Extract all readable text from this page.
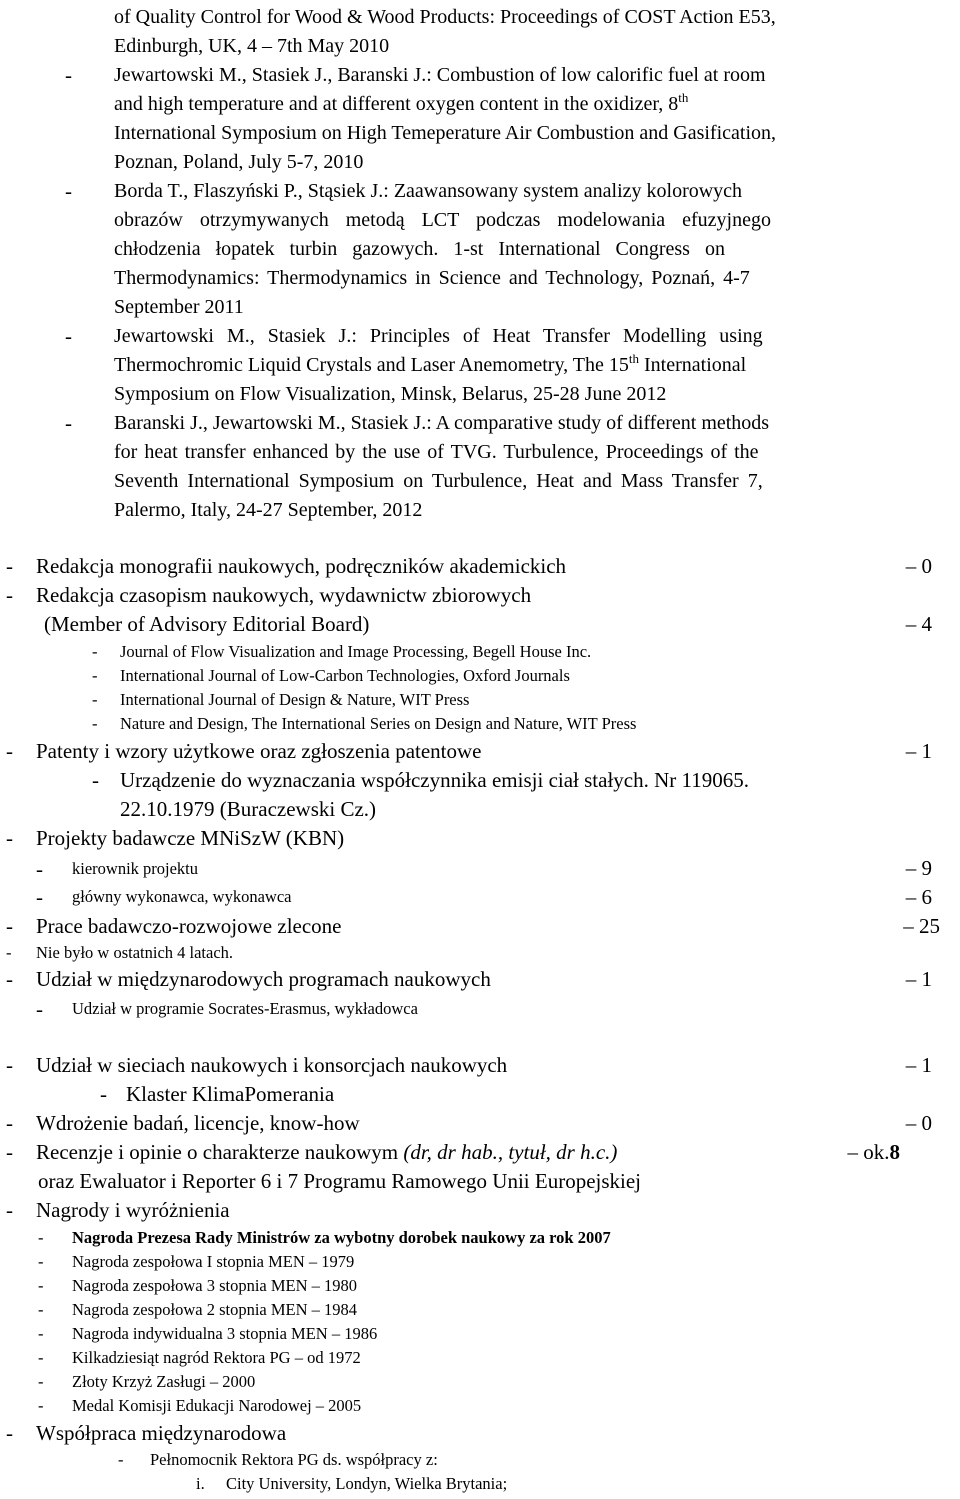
of Quality Control for Wood & Wood Products: Proceedings of COST Action E53,
Edinburgh, UK, 4 – 7th May 2010
- Jewartowski M., Stasiek J., Baranski J.: Combustion of low calorific fuel at room
and high temperature and at different oxygen content in the oxidizer, 8th
International Symposium on High Temeperature Air Combustion and Gasification,
Poznan, Poland, July 5-7, 2010
- Borda T., Flaszyński P., Stąsiek J.: Zaawansowany system analizy kolorowych
obrazów otrzymywanych metodą LCT podczas modelowania efuzyjnego
chłodzenia łopatek turbin gazowych. 1-st International Congress on
Thermodynamics: Thermodynamics in Science and Technology, Poznań, 4-7
September 2011
- Jewartowski M., Stasiek J.: Principles of Heat Transfer Modelling using
Thermochromic Liquid Crystals and Laser Anemometry, The 15th International
Symposium on Flow Visualization, Minsk, Belarus, 25-28 June 2012
- Baranski J., Jewartowski M., Stasiek J.: A comparative study of different methods
for heat transfer enhanced by the use of TVG. Turbulence, Proceedings of the
Seventh International Symposium on Turbulence, Heat and Mass Transfer 7,
Palermo, Italy, 24-27 September, 2012
- Redakcja monografii naukowych, podręczników akademickich	– 0
- Redakcja czasopism naukowych, wydawnictw zbiorowych
(Member of Advisory Editorial Board)	– 4
- Journal of Flow Visualization and Image Processing, Begell House Inc.
- International Journal of Low-Carbon Technologies, Oxford Journals
- International Journal of Design & Nature, WIT Press
- Nature and Design, The International Series on Design and Nature, WIT Press
- Patenty i wzory użytkowe oraz zgłoszenia patentowe	– 1
- Urządzenie do wyznaczania współczynnika emisji ciał stałych. Nr 119065.
22.10.1979 (Buraczewski Cz.)
- Projekty badawcze MNiSzW (KBN)
- kierownik projektu	– 9
- główny wykonawca, wykonawca	– 6
- Prace badawczo-rozwojowe zlecone	– 25
- Nie było w ostatnich 4 latach.
- Udział w międzynarodowych programach naukowych	– 1
- Udział w programie Socrates-Erasmus, wykładowca
- Udział w sieciach naukowych i konsorcjach naukowych	– 1
- Klaster KlimaPomerania
- Wdrożenie badań, licencje, know-how	– 0
- Recenzje i opinie o charakterze naukowym (dr, dr hab., tytuł, dr h.c.)	– ok.8
oraz Ewaluator i Reporter 6 i 7 Programu Ramowego Unii Europejskiej
- Nagrody i wyróżnienia
- Nagroda Prezesa Rady Ministrów za wybotny dorobek naukowy za rok 2007
- Nagroda zespołowa I stopnia MEN – 1979
- Nagroda zespołowa 3 stopnia MEN – 1980
- Nagroda zespołowa 2 stopnia MEN – 1984
- Nagroda indywidualna 3 stopnia MEN – 1986
- Kilkadziesiąt nagród Rektora PG – od 1972
- Złoty Krzyż Zasługi – 2000
- Medal Komisji Edukacji Narodowej – 2005
- Współpraca międzynarodowa
- Pełnomocnik Rektora PG ds. współpracy z:
i. City University, Londyn, Wielka Brytania;
